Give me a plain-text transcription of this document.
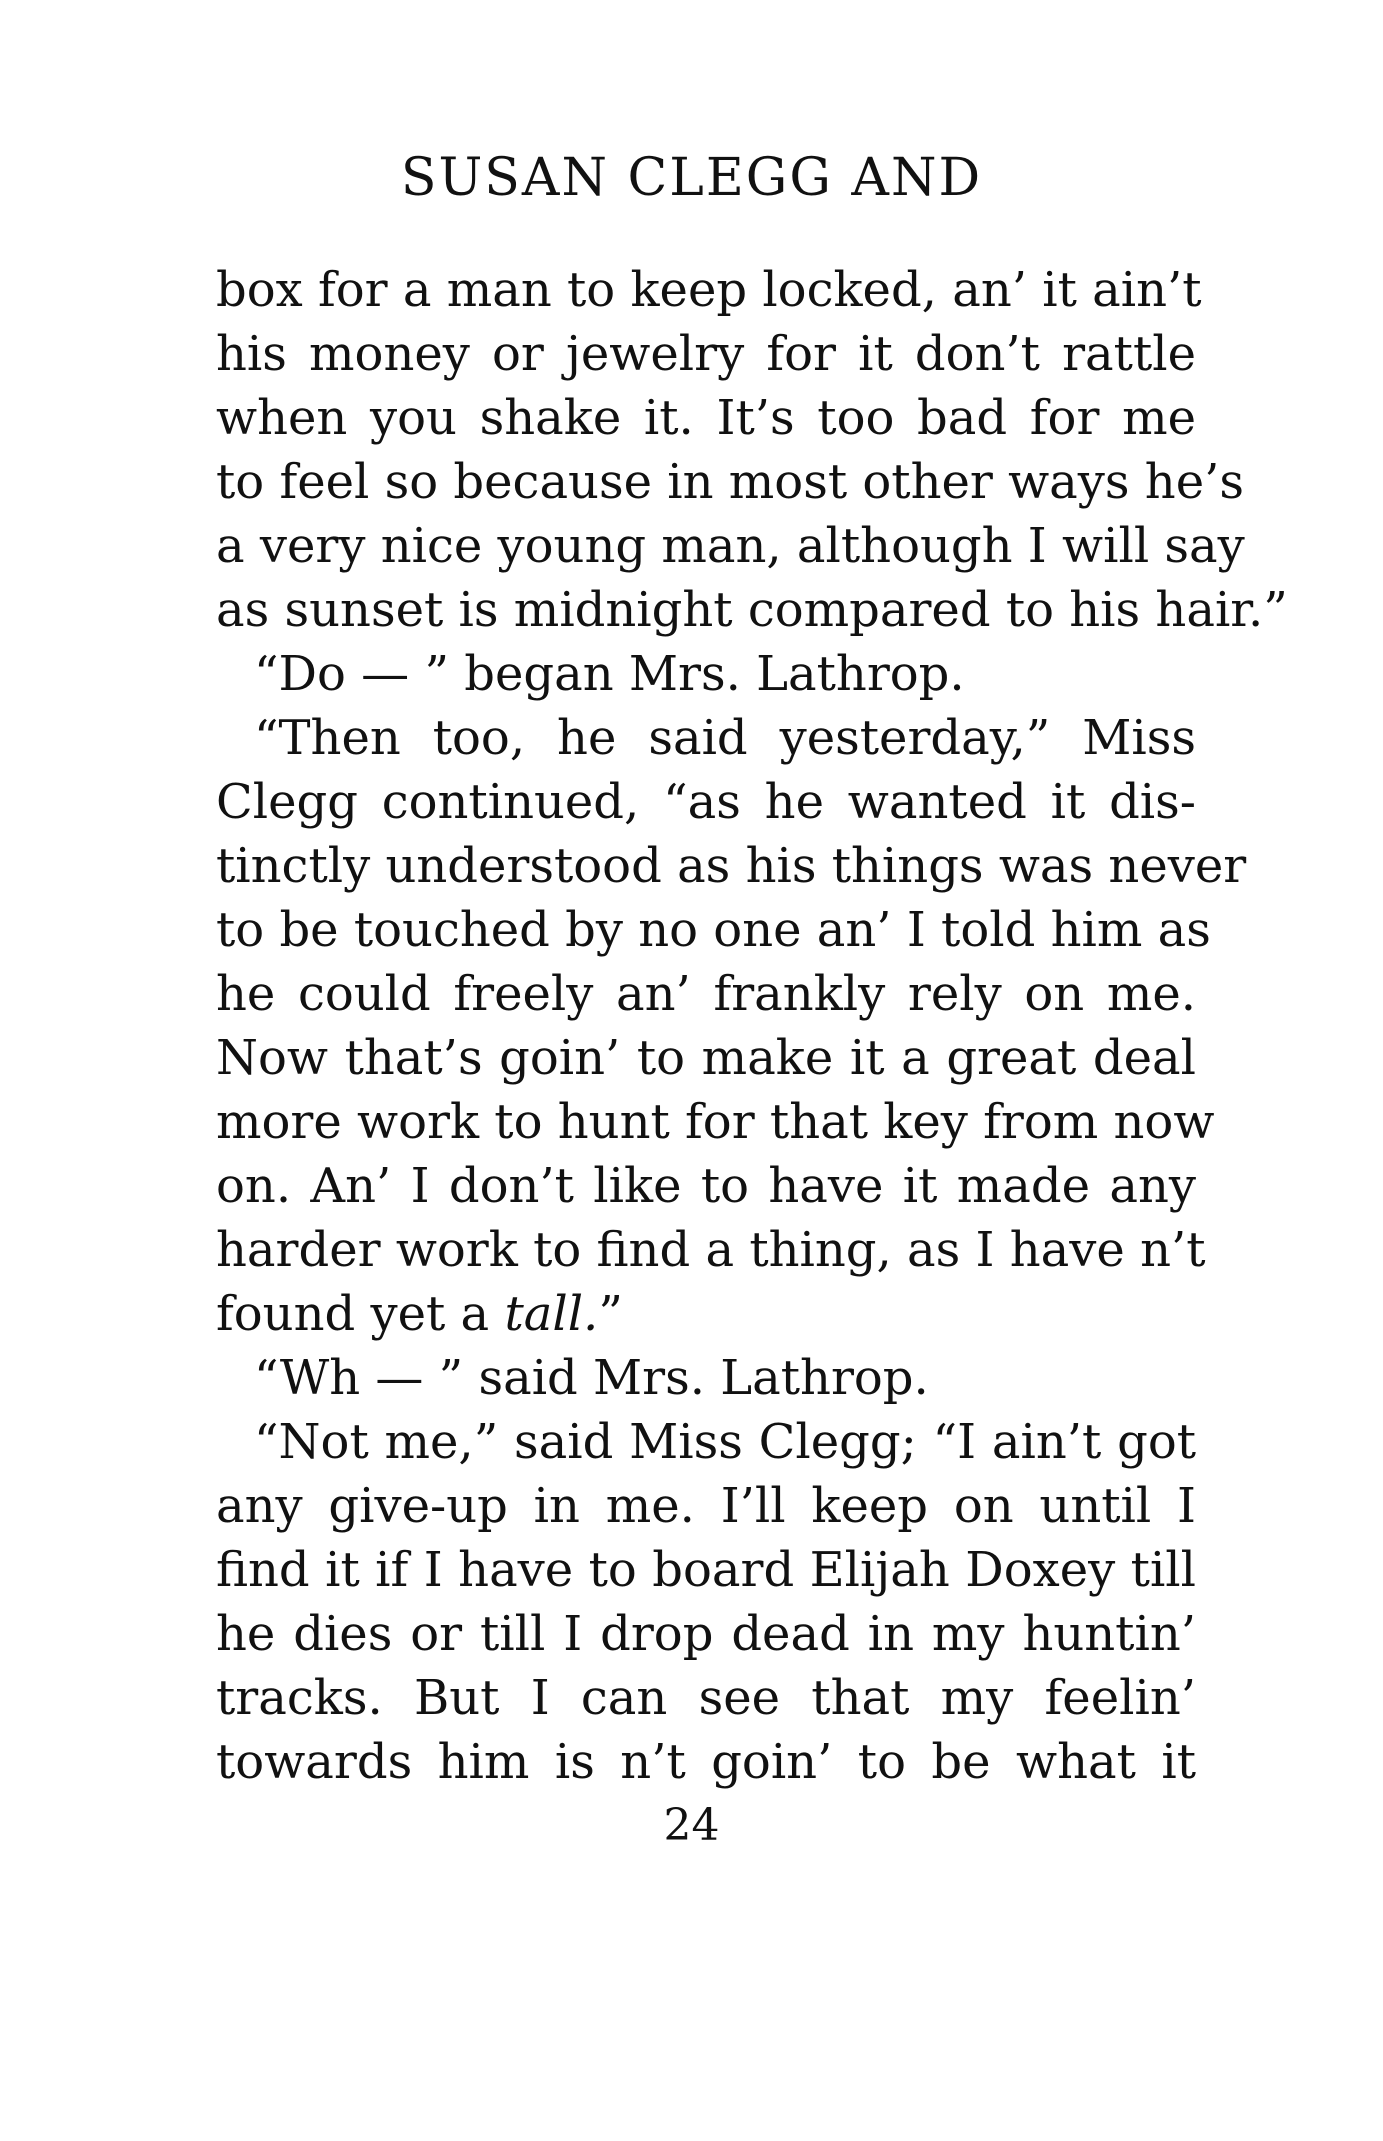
SUSAN CLEGG AND
box for a man to keep locked, an’ it ain’t
his money or jewelry for it don’t rattle
when you shake it. It’s too bad for me
to feel so because in most other ways he’s
a very nice young man, although I will say
as sunset is midnight compared to his hair.”
“Do — ” began Mrs. Lathrop.
“Then too, he said yesterday,” Miss
Clegg continued, “as he wanted it dis-
tinctly understood as his things was never
to be touched by no one an’ I told him as
he could freely an’ frankly rely on me.
Now that’s goin’ to make it a great deal
more work to hunt for that key from now
on. An’ I don’t like to have it made any
harder work to find a thing, as I have n’t
found yet a tall.”
“Wh — ” said Mrs. Lathrop.
“Not me,” said Miss Clegg; “I ain’t got
any give-up in me. I’ll keep on until I
find it if I have to board Elijah Doxey till
he dies or till I drop dead in my huntin’
tracks. But I can see that my feelin’
towards him is n’t goin’ to be what it
24
